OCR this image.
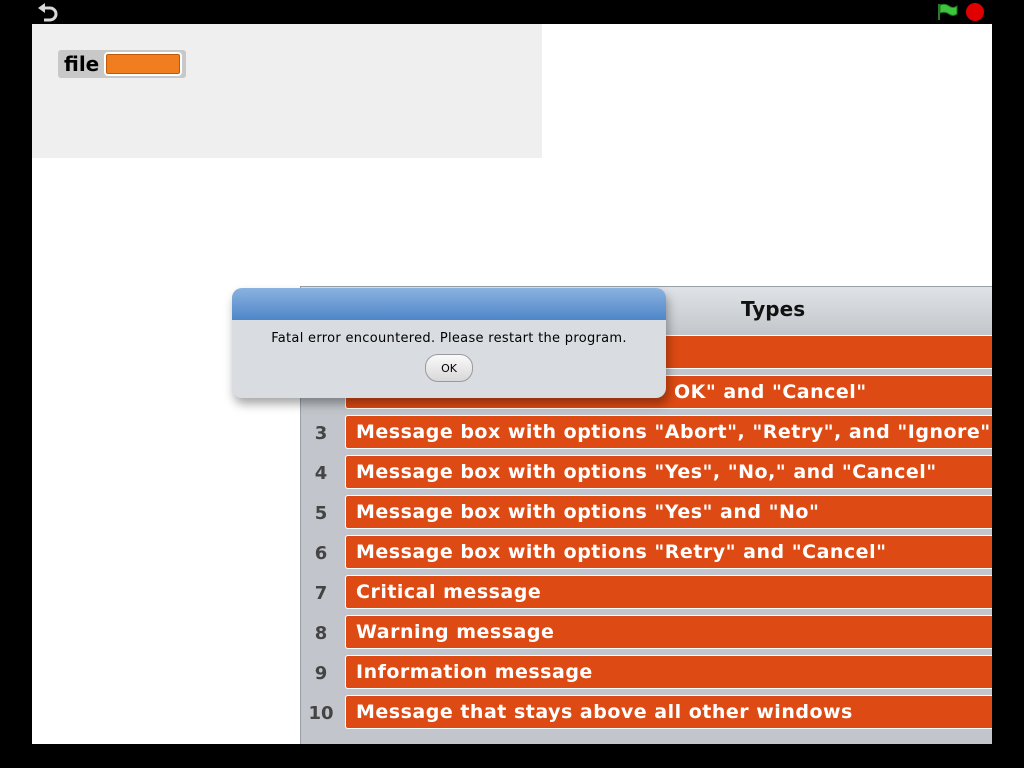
file
Types
OK" and "Cancel"
3	Message box with options "Abort", "Retry", and "Ignore"
4	Message box with options "Yes", "No," and "Cancel"
5	Message box with options "Yes" and "No"
6	Message box with options "Retry" and "Cancel"
7	Critical message
8	Warning message
9	Information message
10	Message that stays above all other windows
Fatal error encountered. Please restart the program.
OK
